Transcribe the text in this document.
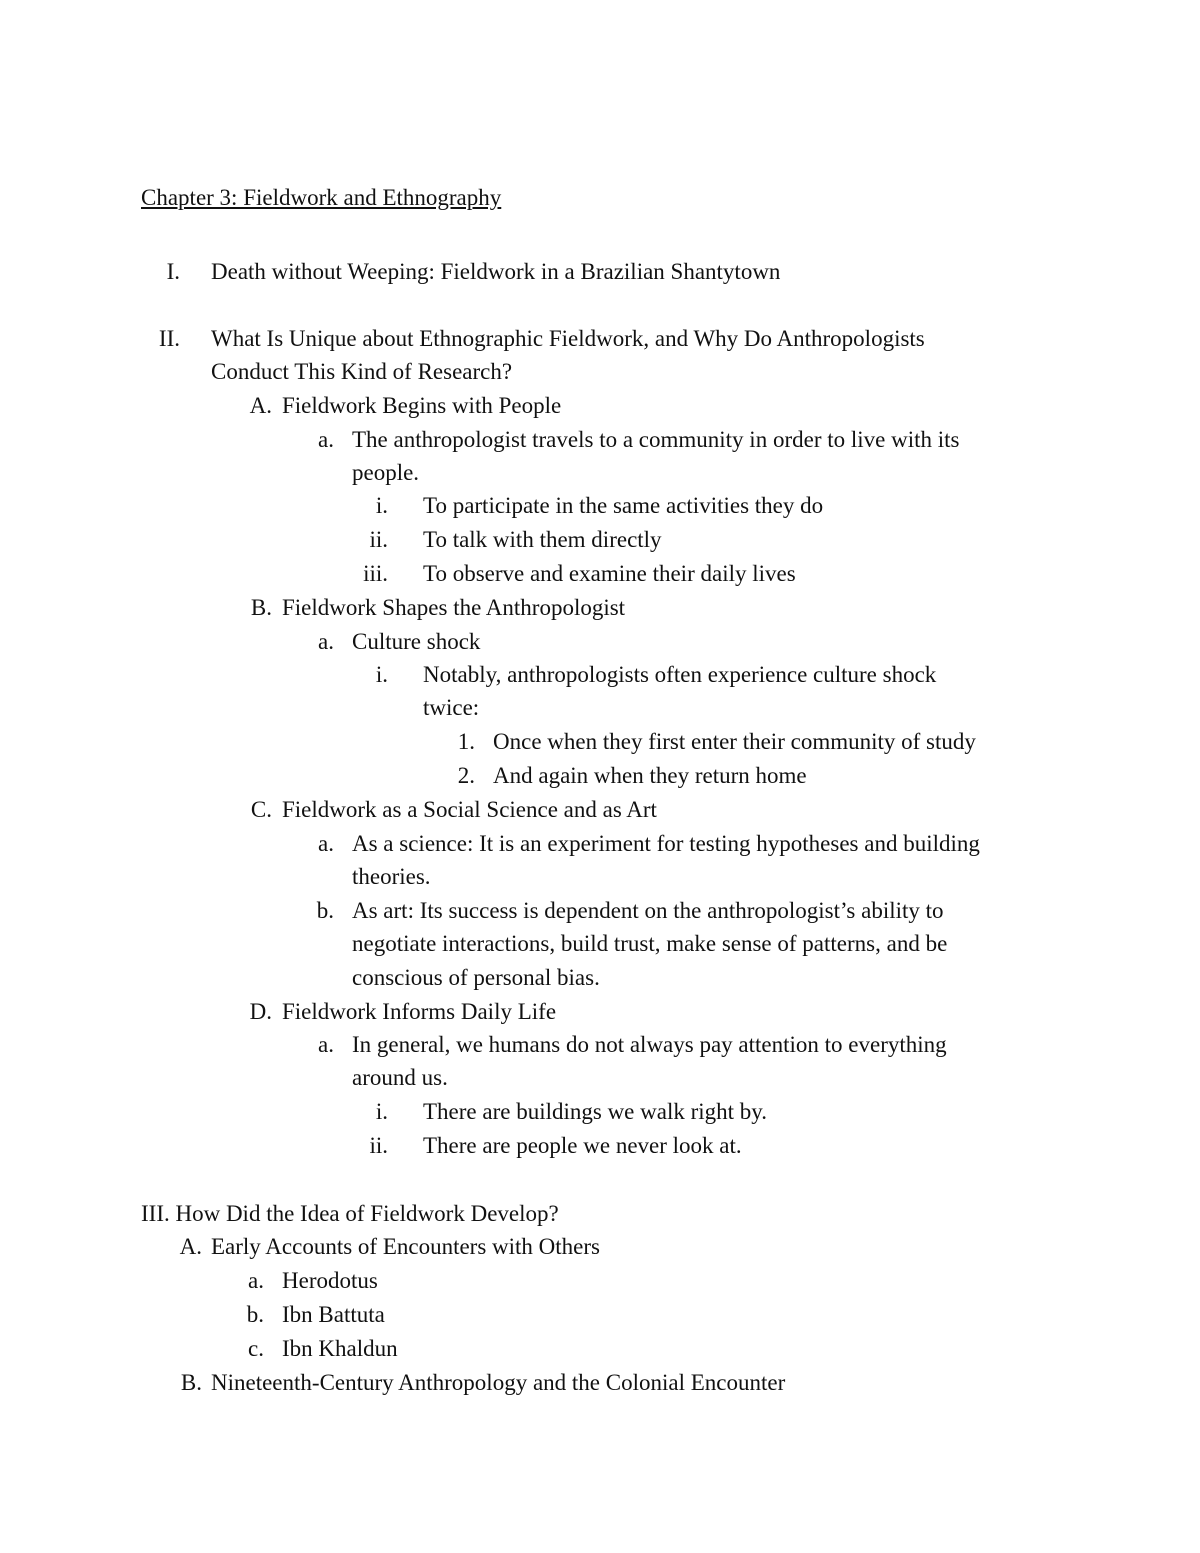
Chapter 3: Fieldwork and Ethnography
I. Death without Weeping: Fieldwork in a Brazilian Shantytown
II. What Is Unique about Ethnographic Fieldwork, and Why Do Anthropologists
Conduct This Kind of Research?
A. Fieldwork Begins with People
a. The anthropologist travels to a community in order to live with its
people.
i. To participate in the same activities they do
ii. To talk with them directly
iii. To observe and examine their daily lives
B. Fieldwork Shapes the Anthropologist
a. Culture shock
i. Notably, anthropologists often experience culture shock
twice:
1. Once when they first enter their community of study
2. And again when they return home
C. Fieldwork as a Social Science and as Art
a. As a science: It is an experiment for testing hypotheses and building
theories.
b. As art: Its success is dependent on the anthropologist’s ability to
negotiate interactions, build trust, make sense of patterns, and be
conscious of personal bias.
D. Fieldwork Informs Daily Life
a. In general, we humans do not always pay attention to everything
around us.
i. There are buildings we walk right by.
ii. There are people we never look at.
III. How Did the Idea of Fieldwork Develop?
A. Early Accounts of Encounters with Others
a. Herodotus
b. Ibn Battuta
c. Ibn Khaldun
B. Nineteenth-Century Anthropology and the Colonial Encounter
